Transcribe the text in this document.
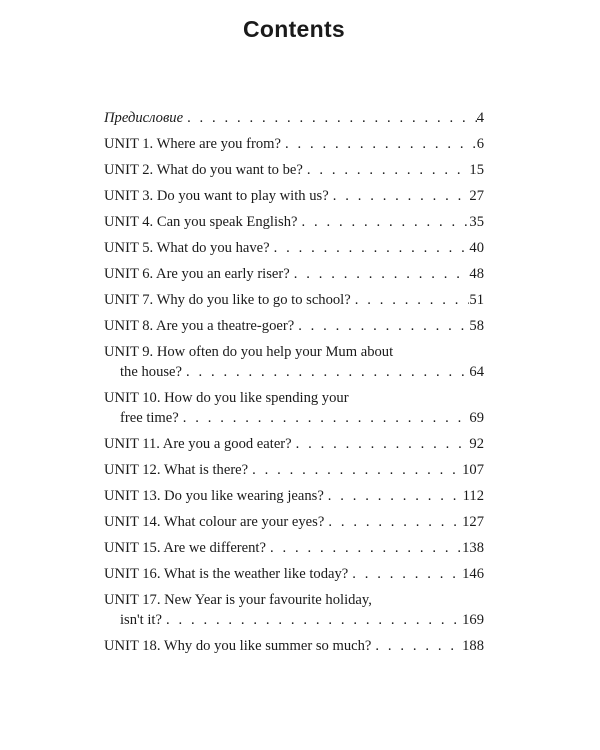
Contents
Предисловие . . .	4
UNIT 1. Where are you from? . . .	6
UNIT 2. What do you want to be? . . .	15
UNIT 3. Do you want to play with us? . . .	27
UNIT 4. Can you speak English? . . .	35
UNIT 5. What do you have? . . .	40
UNIT 6. Are you an early riser? . . .	48
UNIT 7. Why do you like to go to school? . . .	51
UNIT 8. Are you a theatre-goer? . . .	58
UNIT 9. How often do you help your Mum about
the house? . . .	64
UNIT 10. How do you like spending your
free time? . . .	69
UNIT 11. Are you a good eater? . . .	92
UNIT 12. What is there? . . .	107
UNIT 13. Do you like wearing jeans? . . .	112
UNIT 14. What colour are your eyes? . . .	127
UNIT 15. Are we different? . . .	138
UNIT 16. What is the weather like today? . . .	146
UNIT 17. New Year is your favourite holiday,
isn't it? . . .	169
UNIT 18. Why do you like summer so much? . . .	188
